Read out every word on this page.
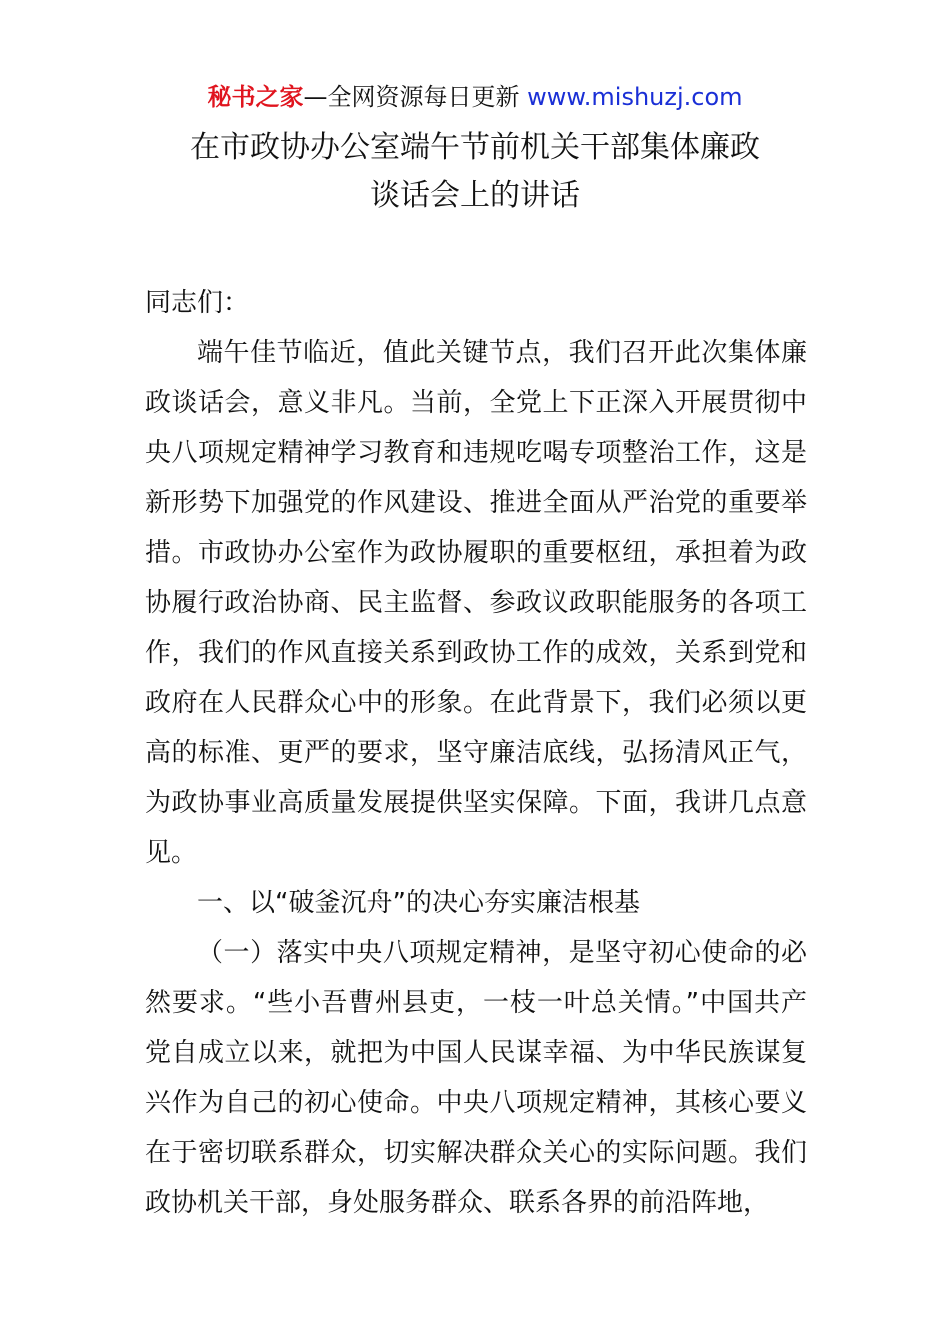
秘书之家—全网资源每日更新 www.mishuzj.com
在市政协办公室端午节前机关干部集体廉政
谈话会上的讲话

同志们：

端午佳节临近，值此关键节点，我们召开此次集体廉政谈话会，意义非凡。当前，全党上下正深入开展贯彻中央八项规定精神学习教育和违规吃喝专项整治工作，这是新形势下加强党的作风建设、推进全面从严治党的重要举措。市政协办公室作为政协履职的重要枢纽，承担着为政协履行政治协商、民主监督、参政议政职能服务的各项工作，我们的作风直接关系到政协工作的成效，关系到党和政府在人民群众心中的形象。在此背景下，我们必须以更高的标准、更严的要求，坚守廉洁底线，弘扬清风正气，为政协事业高质量发展提供坚实保障。下面，我讲几点意见。

一、以“破釜沉舟”的决心夯实廉洁根基

（一）落实中央八项规定精神，是坚守初心使命的必然要求。“些小吾曹州县吏，一枝一叶总关情。”中国共产党自成立以来，就把为中国人民谋幸福、为中华民族谋复兴作为自己的初心使命。中央八项规定精神，其核心要义在于密切联系群众，切实解决群众关心的实际问题。我们政协机关干部，身处服务群众、联系各界的前沿阵地，
